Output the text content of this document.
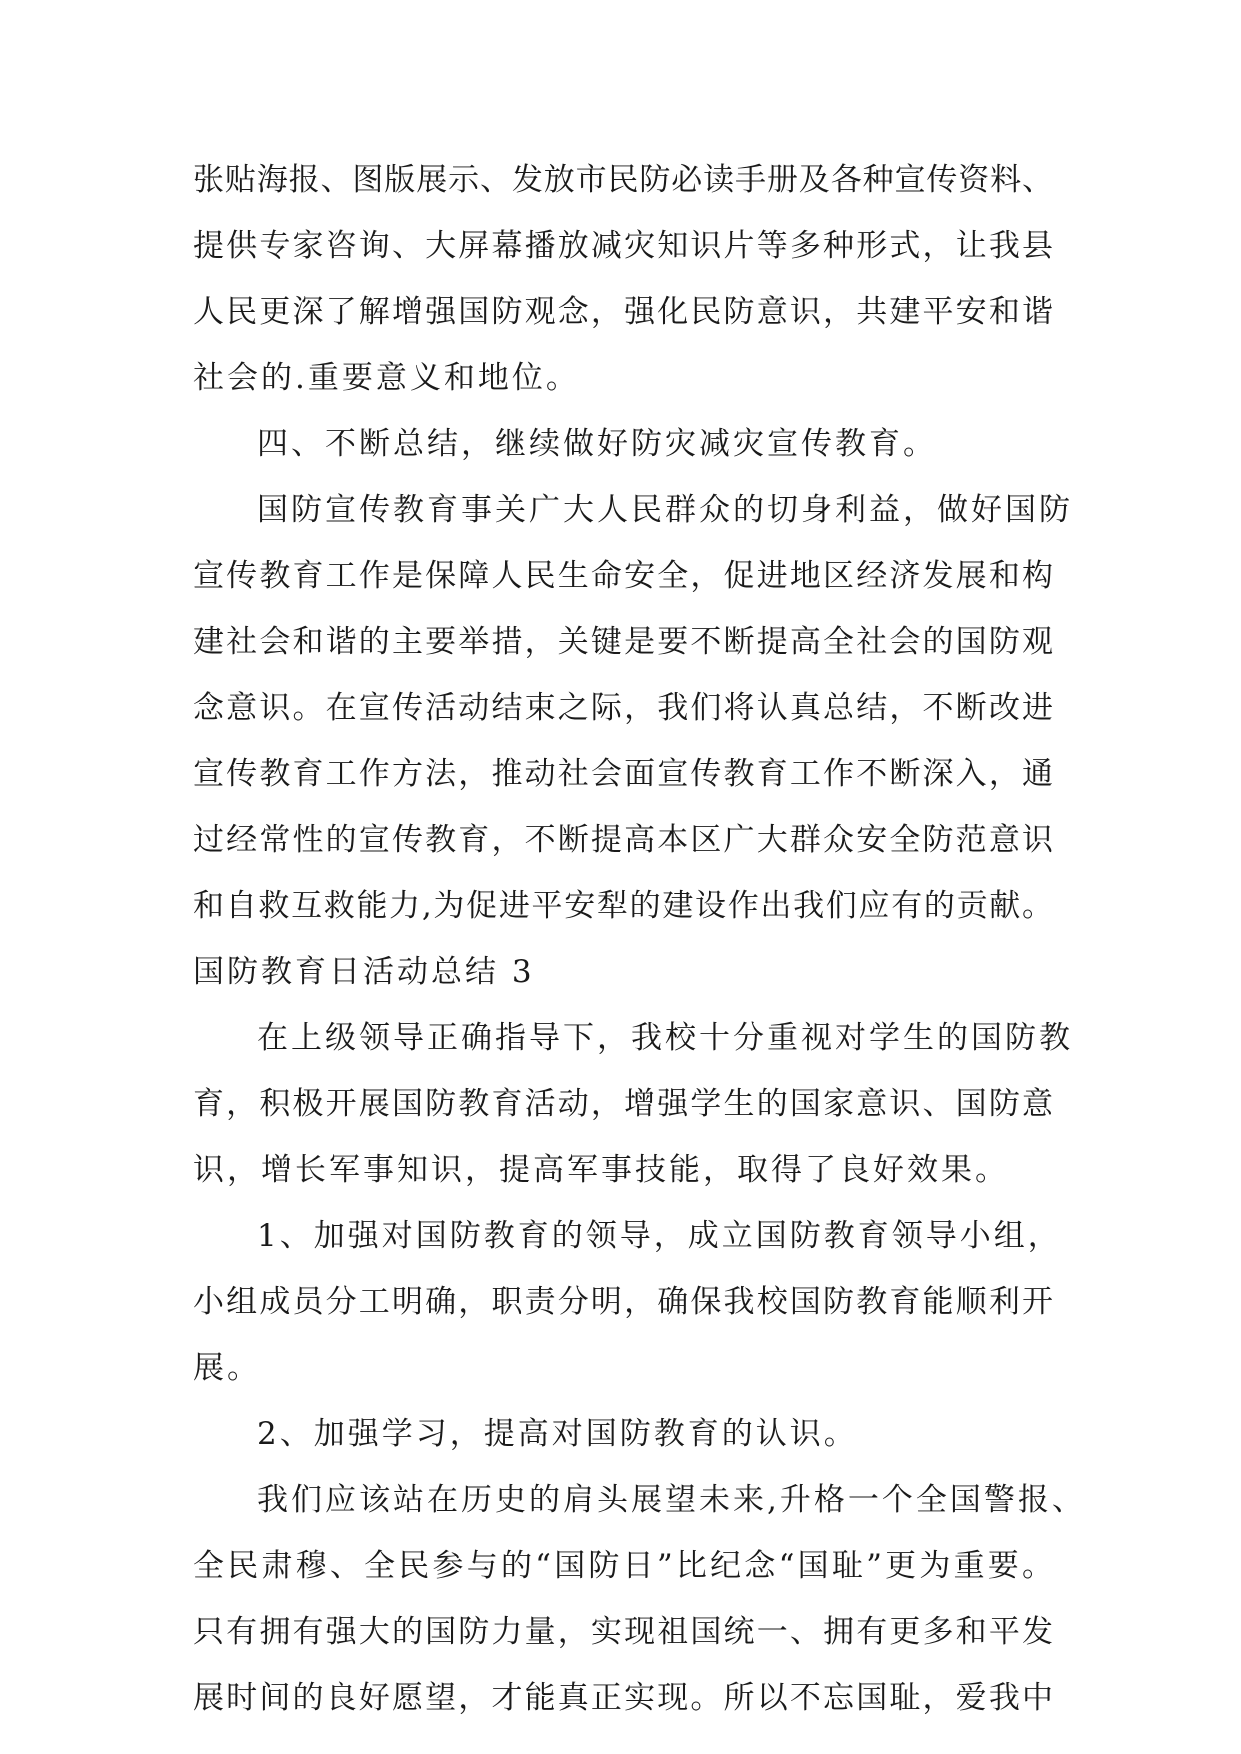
张贴海报、图版展示、发放市民防必读手册及各种宣传资料、
提供专家咨询、大屏幕播放减灾知识片等多种形式，让我县
人民更深了解增强国防观念，强化民防意识，共建平安和谐
社会的.重要意义和地位。
四、不断总结，继续做好防灾减灾宣传教育。
国防宣传教育事关广大人民群众的切身利益，做好国防
宣传教育工作是保障人民生命安全，促进地区经济发展和构
建社会和谐的主要举措，关键是要不断提高全社会的国防观
念意识。在宣传活动结束之际，我们将认真总结，不断改进
宣传教育工作方法，推动社会面宣传教育工作不断深入，通
过经常性的宣传教育，不断提高本区广大群众安全防范意识
和自救互救能力,为促进平安犁的建设作出我们应有的贡献。
国防教育日活动总结 3
在上级领导正确指导下，我校十分重视对学生的国防教
育，积极开展国防教育活动，增强学生的国家意识、国防意
识，增长军事知识，提高军事技能，取得了良好效果。
1、加强对国防教育的领导，成立国防教育领导小组，
小组成员分工明确，职责分明，确保我校国防教育能顺利开
展。
2、加强学习，提高对国防教育的认识。
我们应该站在历史的肩头展望未来,升格一个全国警报、
全民肃穆、全民参与的“国防日”比纪念“国耻”更为重要。
只有拥有强大的国防力量，实现祖国统一、拥有更多和平发
展时间的良好愿望，才能真正实现。所以不忘国耻，爱我中
